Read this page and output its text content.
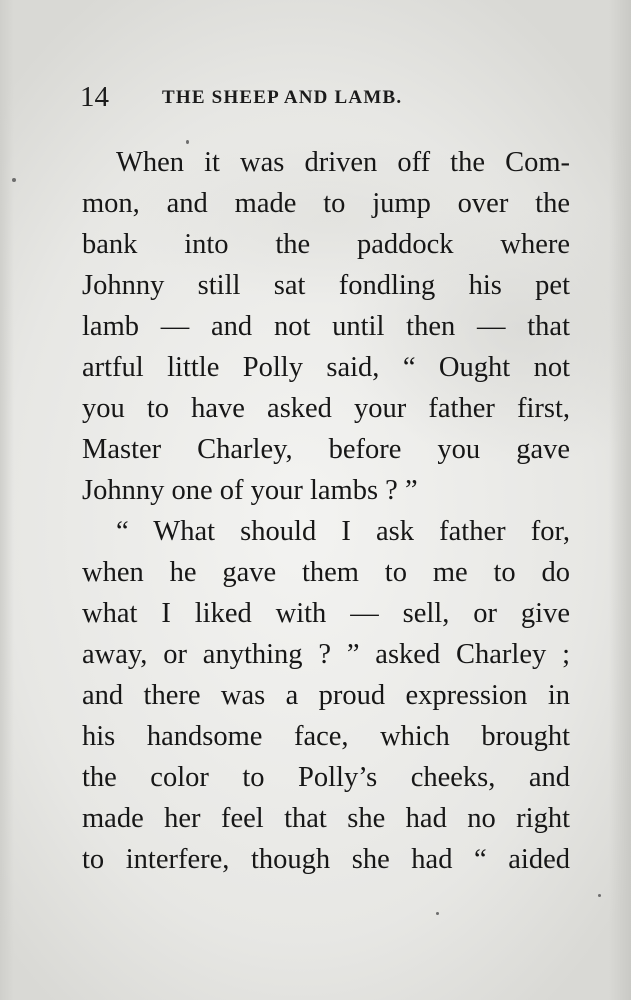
14	THE SHEEP AND LAMB.
When it was driven off the Com-
mon, and made to jump over the
bank into the paddock where
Johnny still sat fondling his pet
lamb — and not until then — that
artful little Polly said, “ Ought not
you to have asked your father first,
Master Charley, before you gave
Johnny one of your lambs ? ”
“ What should I ask father for,
when he gave them to me to do
what I liked with — sell, or give
away, or anything ? ” asked Charley ;
and there was a proud expression in
his handsome face, which brought
the color to Polly’s cheeks, and
made her feel that she had no right
to interfere, though she had “ aided
